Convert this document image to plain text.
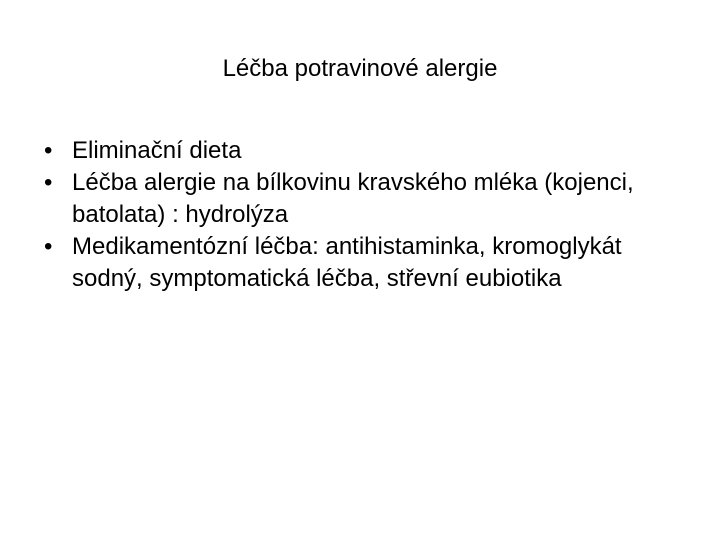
Léčba potravinové alergie
• Eliminační dieta
• Léčba alergie na bílkovinu kravského mléka (kojenci, batolata) : hydrolýza
• Medikamentózní léčba: antihistaminka, kromoglykát sodný, symptomatická léčba, střevní eubiotika
